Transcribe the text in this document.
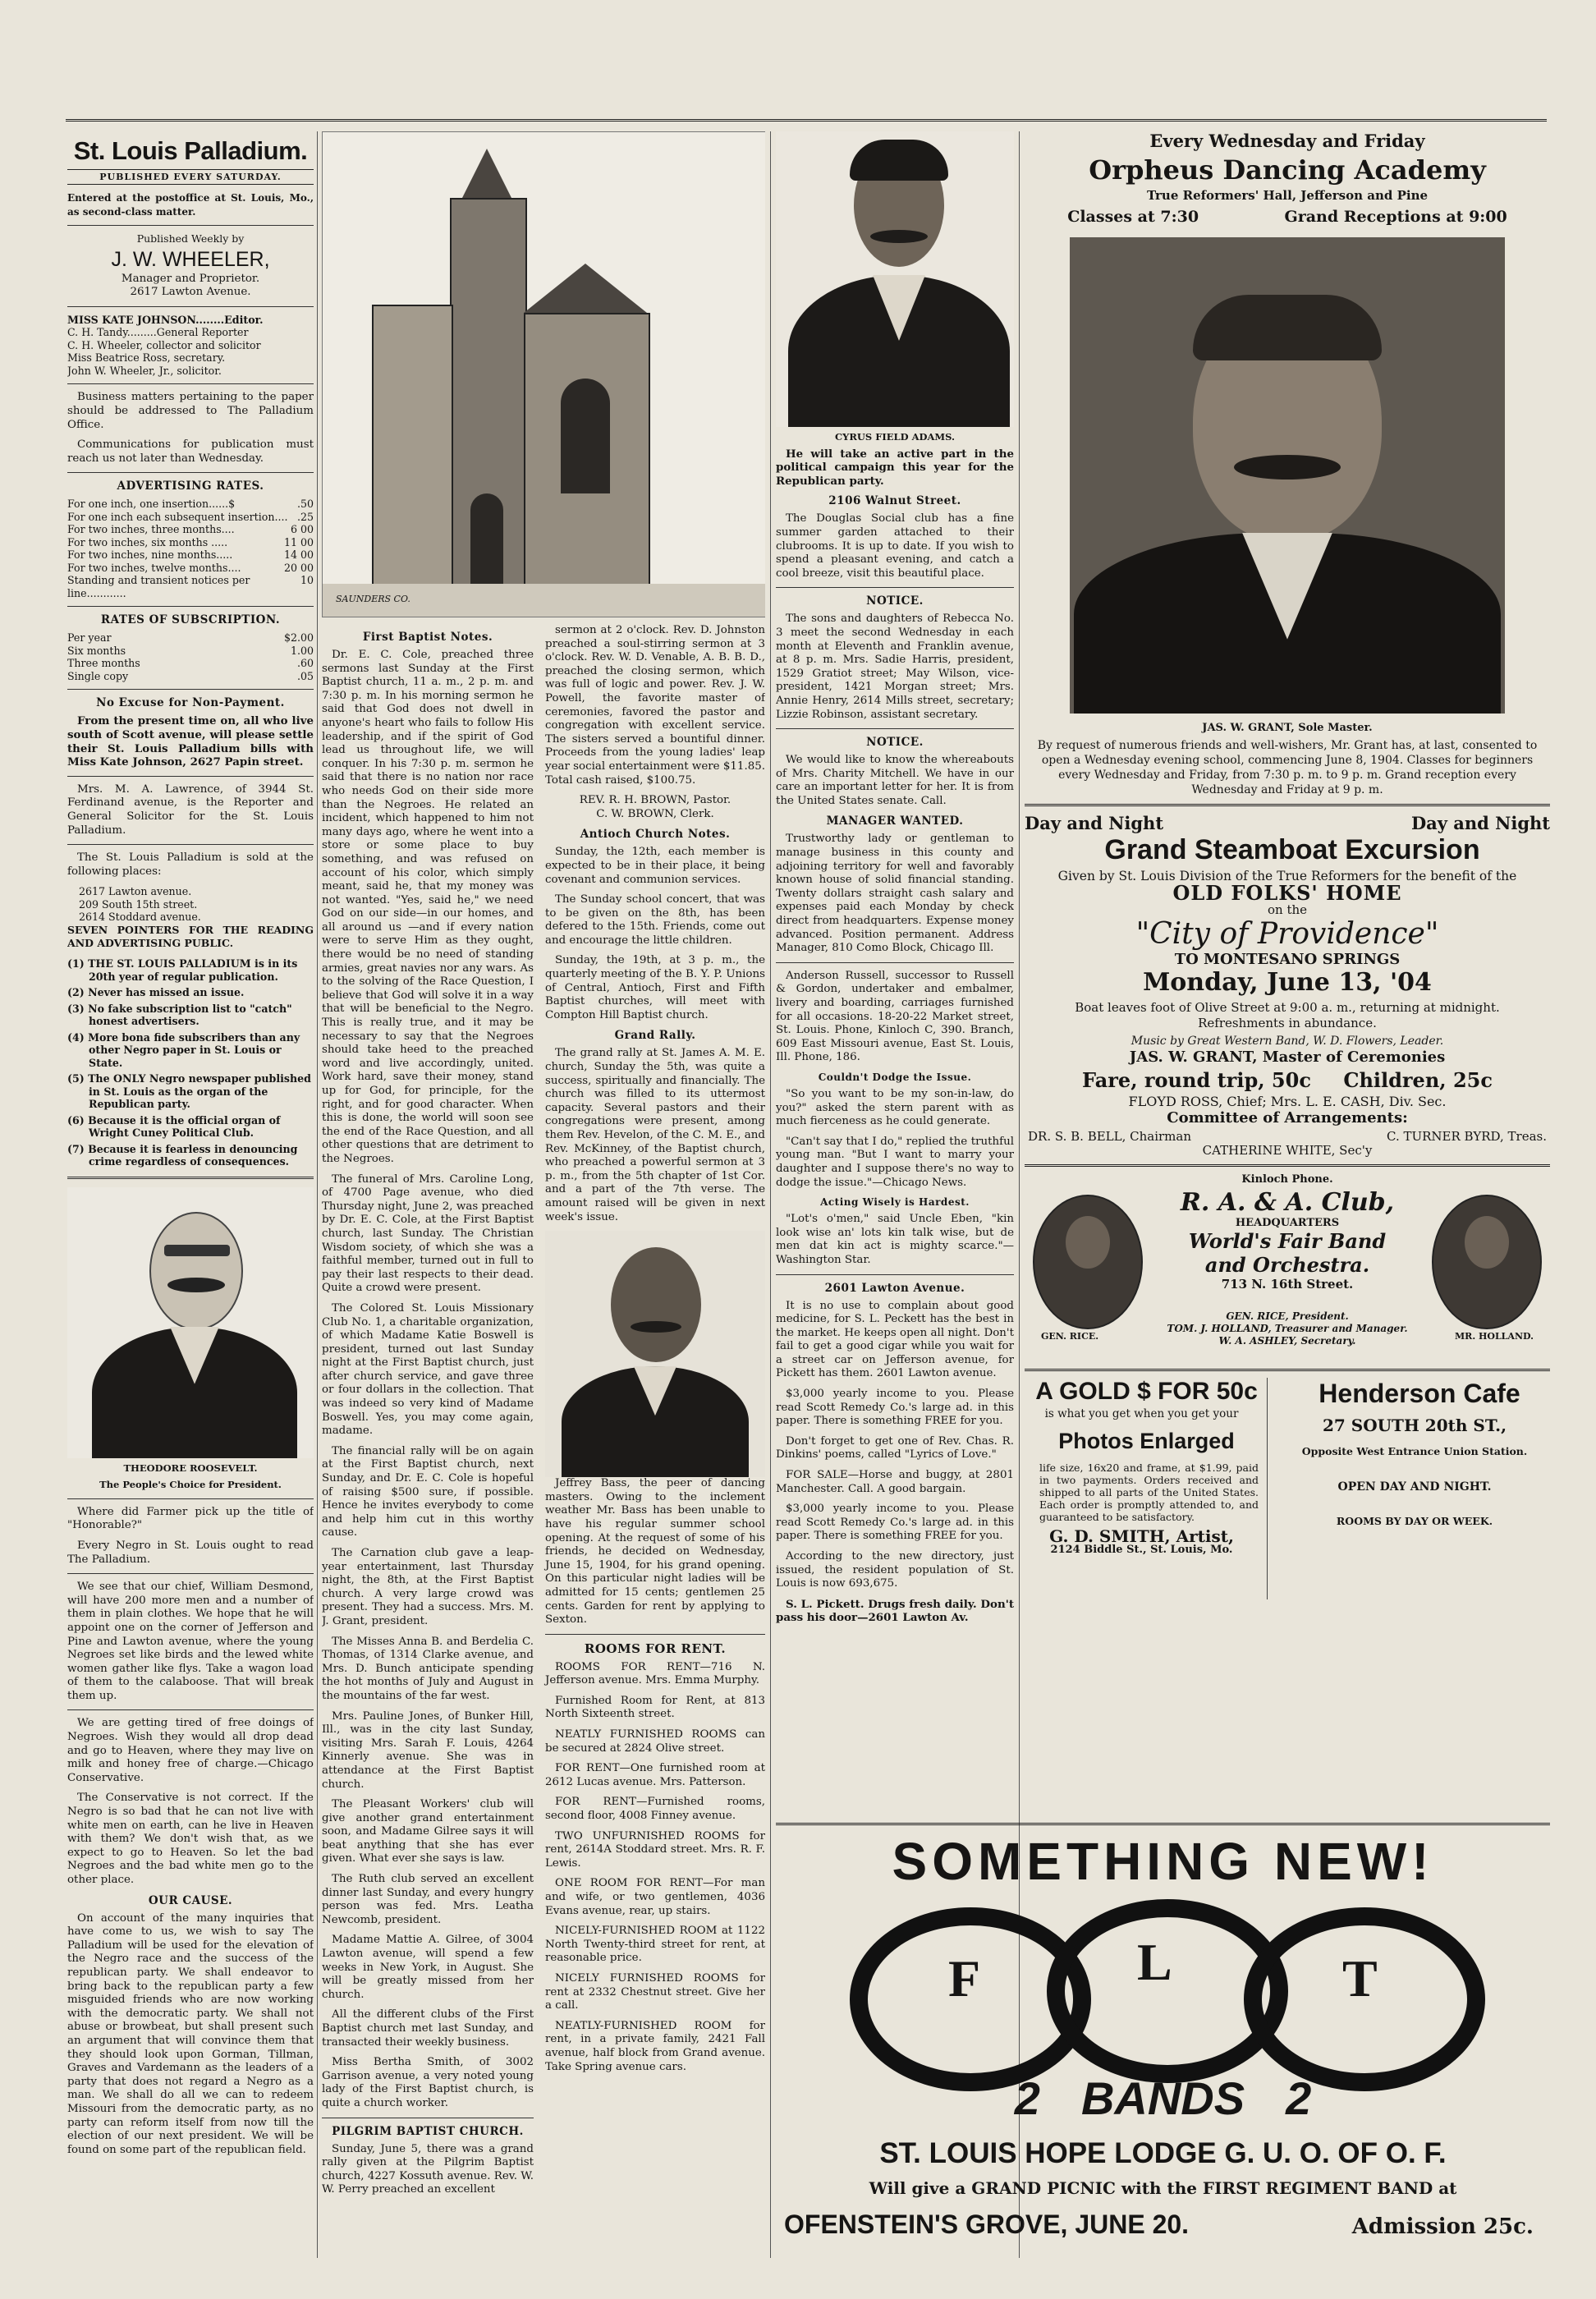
St. Louis Palladium.
PUBLISHED EVERY SATURDAY.

Entered at the postoffice at St. Louis, Mo., as second-class matter.

Published Weekly by

J. W. WHEELER,

Manager and Proprietor.

2617 Lawton Avenue.

MISS KATE JOHNSON........Editor.
C. H. Tandy.........General Reporter
C. H. Wheeler, collector and solicitor
Miss Beatrice Ross, secretary.
John W. Wheeler, Jr., solicitor.

Business matters pertaining to the paper should be addressed to The Palladium Office.

Communications for publication must reach us not later than Wednesday.

ADVERTISING RATES.
For one inch, one insertion......$	.50
For one inch each subsequent insertion.... .25
For two inches, three months....	6 00
For two inches, six months .....	11 00
For two inches, nine months.....	14 00
For two inches, twelve months....	20 00
Standing and transient notices per line............
10
RATES OF SUBSCRIPTION.
Per year	$2.00
Six months	1.00
Three months	.60
Single copy	.05
No Excuse for Non-Payment.

From the present time on, all who live south of Scott avenue, will please settle their St. Louis Palladium bills with Miss Kate Johnson, 2627 Papin street.

Mrs. M. A. Lawrence, of 3944 St. Ferdinand avenue, is the Reporter and General Solicitor for the St. Louis Palladium.

The St. Louis Palladium is sold at the following places:

2617 Lawton avenue.
209 South 15th street.
2614 Stoddard avenue.

SEVEN POINTERS FOR THE READING AND ADVERTISING PUBLIC.

(1) THE ST. LOUIS PALLADIUM is in its 20th year of regular publication.
(2) Never has missed an issue.
(3) No fake subscription list to "catch" honest advertisers.
(4) More bona fide subscribers than any other Negro paper in St. Louis or State.
(5) The ONLY Negro newspaper published in St. Louis as the organ of the Republican party.
(6) Because it is the official organ of Wright Cuney Political Club.
(7) Because it is fearless in denouncing crime regardless of consequences.

THEODORE ROOSEVELT.

The People's Choice for President.

Where did Farmer pick up the title of "Honorable?"

Every Negro in St. Louis ought to read The Palladium.

We see that our chief, William Desmond, will have 200 more men and a number of them in plain clothes. We hope that he will appoint one on the corner of Jefferson and Pine and Lawton avenue, where the young Negroes set like birds and the lewed white women gather like flys. Take a wagon load of them to the calaboose. That will break them up.

We are getting tired of free doings of Negroes. Wish they would all drop dead and go to Heaven, where they may live on milk and honey free of charge.—Chicago Conservative.

The Conservative is not correct. If the Negro is so bad that he can not live with white men on earth, can he live in Heaven with them? We don't wish that, as we expect to go to Heaven. So let the bad Negroes and the bad white men go to the other place.

OUR CAUSE.

On account of the many inquiries that have come to us, we wish to say The Palladium will be used for the elevation of the Negro race and the success of the republican party. We shall endeavor to bring back to the republican party a few misguided friends who are now working with the democratic party. We shall not abuse or browbeat, but shall present such an argument that will convince them that they should look upon Gorman, Tillman, Graves and Vardemann as the leaders of a party that does not regard a Negro as a man. We shall do all we can to redeem Missouri from the democratic party, as no party can reform itself from now till the election of our next president. We will be found on some part of the republican field.

SAUNDERS CO.
First Baptist Notes.

Dr. E. C. Cole, preached three sermons last Sunday at the First Baptist church, 11 a. m., 2 p. m. and 7:30 p. m. In his morning sermon he said that God does not dwell in anyone's heart who fails to follow His leadership, and if the spirit of God lead us throughout life, we will conquer. In his 7:30 p. m. sermon he said that there is no nation nor race who needs God on their side more than the Negroes. He related an incident, which happened to him not many days ago, where he went into a store or some place to buy something, and was refused on account of his color, which simply meant, said he, that my money was not wanted. "Yes, said he," we need God on our side—in our homes, and all around us —and if every nation were to serve Him as they ought, there would be no need of standing armies, great navies nor any wars. As to the solving of the Race Question, I believe that God will solve it in a way that will be beneficial to the Negro. This is really true, and it may be necessary to say that the Negroes should take heed to the preached word and live accordingly, united. Work hard, save their money, stand up for God, for principle, for the right, and for good character. When this is done, the world will soon see the end of the Race Question, and all other questions that are detriment to the Negroes.

The funeral of Mrs. Caroline Long, of 4700 Page avenue, who died Thursday night, June 2, was preached by Dr. E. C. Cole, at the First Baptist church, last Sunday. The Christian Wisdom society, of which she was a faithful member, turned out in full to pay their last respects to their dead. Quite a crowd were present.

The Colored St. Louis Missionary Club No. 1, a charitable organization, of which Madame Katie Boswell is president, turned out last Sunday night at the First Baptist church, just after church service, and gave three or four dollars in the collection. That was indeed so very kind of Madame Boswell. Yes, you may come again, madame.

The financial rally will be on again at the First Baptist church, next Sunday, and Dr. E. C. Cole is hopeful of raising $500 sure, if possible. Hence he invites everybody to come and help him cut in this worthy cause.

The Carnation club gave a leap-year entertainment, last Thursday night, the 8th, at the First Baptist church. A very large crowd was present. They had a success. Mrs. M. J. Grant, president.

The Misses Anna B. and Berdelia C. Thomas, of 1314 Clarke avenue, and Mrs. D. Bunch anticipate spending the hot months of July and August in the mountains of the far west.

Mrs. Pauline Jones, of Bunker Hill, Ill., was in the city last Sunday, visiting Mrs. Sarah F. Louis, 4264 Kinnerly avenue. She was in attendance at the First Baptist church.

The Pleasant Workers' club will give another grand entertainment soon, and Madame Gilree says it will beat anything that she has ever given. What ever she says is law.

The Ruth club served an excellent dinner last Sunday, and every hungry person was fed. Mrs. Leatha Newcomb, president.

Madame Mattie A. Gilree, of 3004 Lawton avenue, will spend a few weeks in New York, in August. She will be greatly missed from her church.

All the different clubs of the First Baptist church met last Sunday, and transacted their weekly business.

Miss Bertha Smith, of 3002 Garrison avenue, a very noted young lady of the First Baptist church, is quite a church worker.

PILGRIM BAPTIST CHURCH.

Sunday, June 5, there was a grand rally given at the Pilgrim Baptist church, 4227 Kossuth avenue. Rev. W. W. Perry preached an excellent

sermon at 2 o'clock. Rev. D. Johnston preached a soul-stirring sermon at 3 o'clock. Rev. W. D. Venable, A. B. B. D., preached the closing sermon, which was full of logic and power. Rev. J. W. Powell, the favorite master of ceremonies, favored the pastor and congregation with excellent service. The sisters served a bountiful dinner. Proceeds from the young ladies' leap year social entertainment were $11.85. Total cash raised, $100.75.

REV. R. H. BROWN, Pastor.

C. W. BROWN, Clerk.

Antioch Church Notes.

Sunday, the 12th, each member is expected to be in their place, it being covenant and communion services.

The Sunday school concert, that was to be given on the 8th, has been defered to the 15th. Friends, come out and encourage the little children.

Sunday, the 19th, at 3 p. m., the quarterly meeting of the B. Y. P. Unions of Central, Antioch, First and Fifth Baptist churches, will meet with Compton Hill Baptist church.

Grand Rally.

The grand rally at St. James A. M. E. church, Sunday the 5th, was quite a success, spiritually and financially. The church was filled to its uttermost capacity. Several pastors and their congregations were present, among them Rev. Hevelon, of the C. M. E., and Rev. McKinney, of the Baptist church, who preached a powerful sermon at 3 p. m., from the 5th chapter of 1st Cor. and a part of the 7th verse. The amount raised will be given in next week's issue.

Jeffrey Bass, the peer of dancing masters. Owing to the inclement weather Mr. Bass has been unable to have his regular summer school opening. At the request of some of his friends, he decided on Wednesday, June 15, 1904, for his grand opening. On this particular night ladies will be admitted for 15 cents; gentlemen 25 cents. Garden for rent by applying to Sexton.

ROOMS FOR RENT.

ROOMS FOR RENT—716 N. Jefferson avenue. Mrs. Emma Murphy.

Furnished Room for Rent, at 813 North Sixteenth street.

NEATLY FURNISHED ROOMS can be secured at 2824 Olive street.

FOR RENT—One furnished room at 2612 Lucas avenue. Mrs. Patterson.

FOR RENT—Furnished rooms, second floor, 4008 Finney avenue.

TWO UNFURNISHED ROOMS for rent, 2614A Stoddard street. Mrs. R. F. Lewis.

ONE ROOM FOR RENT—For man and wife, or two gentlemen, 4036 Evans avenue, rear, up stairs.

NICELY-FURNISHED ROOM at 1122 North Twenty-third street for rent, at reasonable price.

NICELY FURNISHED ROOMS for rent at 2332 Chestnut street. Give her a call.

NEATLY-FURNISHED ROOM for rent, in a private family, 2421 Fall avenue, half block from Grand avenue. Take Spring avenue cars.

CYRUS FIELD ADAMS.

He will take an active part in the political campaign this year for the Republican party.

2106 Walnut Street.

The Douglas Social club has a fine summer garden attached to their clubrooms. It is up to date. If you wish to spend a pleasant evening, and catch a cool breeze, visit this beautiful place.

NOTICE.

The sons and daughters of Rebecca No. 3 meet the second Wednesday in each month at Eleventh and Franklin avenue, at 8 p. m. Mrs. Sadie Harris, president, 1529 Gratiot street; May Wilson, vice-president, 1421 Morgan street; Mrs. Annie Henry, 2614 Mills street, secretary; Lizzie Robinson, assistant secretary.

NOTICE.

We would like to know the whereabouts of Mrs. Charity Mitchell. We have in our care an important letter for her. It is from the United States senate. Call.

MANAGER WANTED.

Trustworthy lady or gentleman to manage business in this county and adjoining territory for well and favorably known house of solid financial standing. Twenty dollars straight cash salary and expenses paid each Monday by check direct from headquarters. Expense money advanced. Position permanent. Address Manager, 810 Como Block, Chicago Ill.

Anderson Russell, successor to Russell & Gordon, undertaker and embalmer, livery and boarding, carriages furnished for all occasions. 18-20-22 Market street, St. Louis. Phone, Kinloch C, 390. Branch, 609 East Missouri avenue, East St. Louis, Ill. Phone, 186.

Couldn't Dodge the Issue.

"So you want to be my son-in-law, do you?" asked the stern parent with as much fierceness as he could generate.

"Can't say that I do," replied the truthful young man. "But I want to marry your daughter and I suppose there's no way to dodge the issue."—Chicago News.

Acting Wisely is Hardest.

"Lot's o'men," said Uncle Eben, "kin look wise an' lots kin talk wise, but de men dat kin act is mighty scarce."—Washington Star.

2601 Lawton Avenue.

It is no use to complain about good medicine, for S. L. Peckett has the best in the market. He keeps open all night. Don't fail to get a good cigar while you wait for a street car on Jefferson avenue, for Pickett has them. 2601 Lawton avenue.

$3,000 yearly income to you. Please read Scott Remedy Co.'s large ad. in this paper. There is something FREE for you.

Don't forget to get one of Rev. Chas. R. Dinkins' poems, called "Lyrics of Love."

FOR SALE—Horse and buggy, at 2801 Manchester. Call. A good bargain.

$3,000 yearly income to you. Please read Scott Remedy Co.'s large ad. in this paper. There is something FREE for you.

According to the new directory, just issued, the resident population of St. Louis is now 693,675.

S. L. Pickett. Drugs fresh daily. Don't pass his door—2601 Lawton Av.

Every Wednesday and Friday

Orpheus Dancing Academy

True Reformers' Hall, Jefferson and Pine

Classes at 7:30	Grand Receptions at 9:00

JAS. W. GRANT, Sole Master.

By request of numerous friends and well-wishers, Mr. Grant has, at last, consented to open a Wednesday evening school, commencing June 8, 1904. Classes for beginners every Wednesday and Friday, from 7:30 p. m. to 9 p. m. Grand reception every Wednesday and Friday at 9 p. m.

Day and Night	Day and Night

Grand Steamboat Excursion

Given by St. Louis Division of the True Reformers for the benefit of the

OLD FOLKS' HOME

on the

"City of Providence"

TO MONTESANO SPRINGS

Monday, June 13, '04

Boat leaves foot of Olive Street at 9:00 a. m., returning at midnight. Refreshments in abundance.

Music by Great Western Band, W. D. Flowers, Leader.

JAS. W. GRANT, Master of Ceremonies

Fare, round trip, 50c Children, 25c

FLOYD ROSS, Chief; Mrs. L. E. CASH, Div. Sec.

Committee of Arrangements:

DR. S. B. BELL, Chairman	C. TURNER BYRD, Treas.

CATHERINE WHITE, Sec'y

Kinloch Phone.

R. A. & A. Club,
HEADQUARTERS
World's Fair Band
and Orchestra.
713 N. 16th Street.
GEN. RICE.	MR. HOLLAND.
GEN. RICE, President.
TOM. J. HOLLAND, Treasurer and Manager.
W. A. ASHLEY, Secretary.

A GOLD $ FOR 50c

is what you get when you get your

Photos Enlarged

life size, 16x20 and frame, at $1.99, paid in two payments. Orders received and shipped to all parts of the United States. Each order is promptly attended to, and guaranteed to be satisfactory.

G. D. SMITH, Artist,

2124 Biddle St., St. Louis, Mo.

Henderson Cafe

27 SOUTH 20th ST.,

Opposite West Entrance Union Station.

OPEN DAY AND NIGHT.

ROOMS BY DAY OR WEEK.

SOMETHING NEW!
F	L	T
2 BANDS 2
ST. LOUIS HOPE LODGE G. U. O. OF O. F.
Will give a GRAND PICNIC with the FIRST REGIMENT BAND at
OFENSTEIN'S GROVE, JUNE 20.	Admission 25c.
